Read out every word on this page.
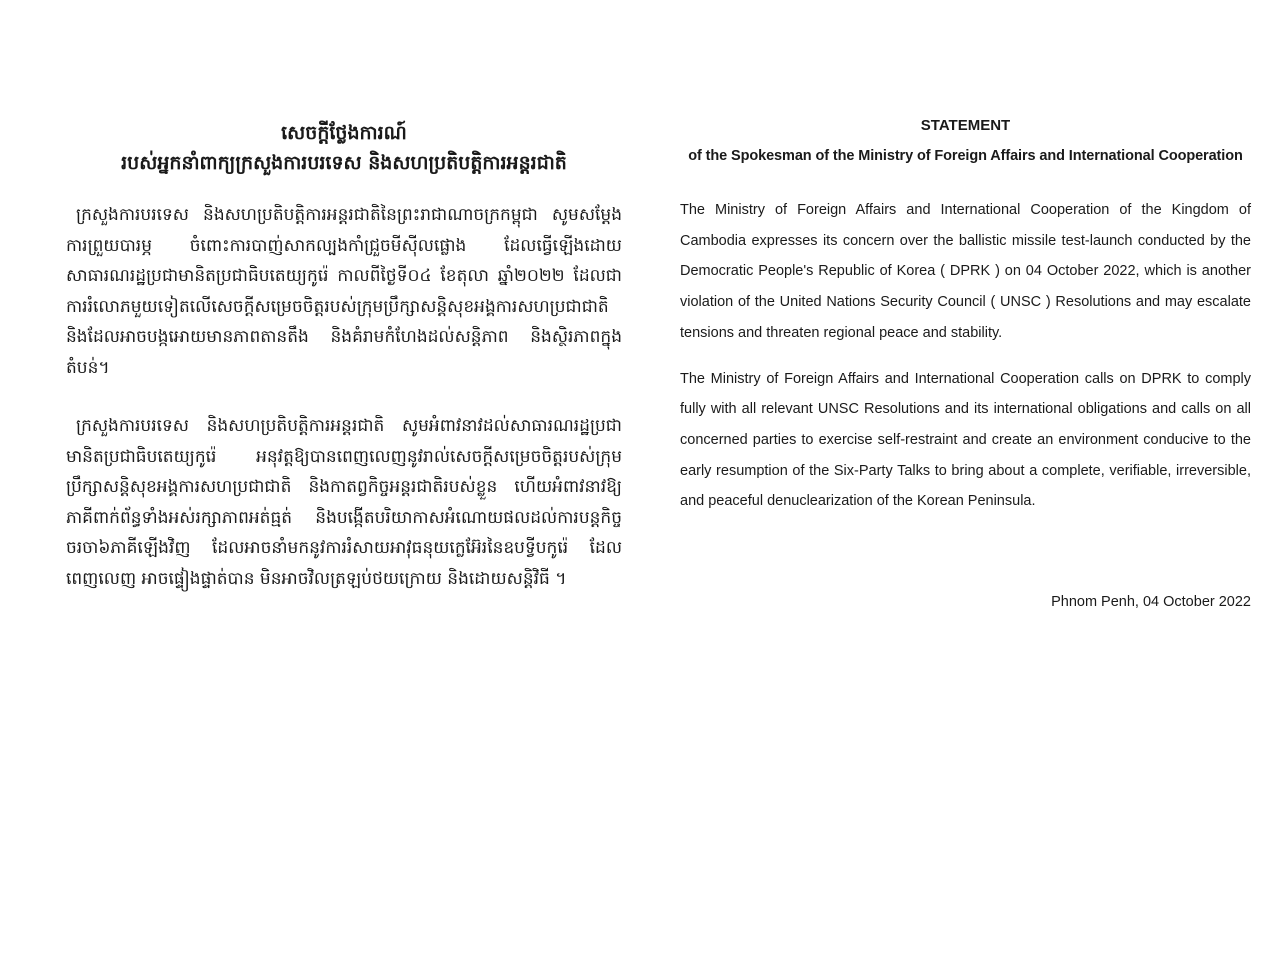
សេចក្តីថ្លែងការណ៍
របស់អ្នកនាំពាក្យក្រសួងការបរទេស និងសហប្រតិបត្តិការអន្តរជាតិ

ក្រសួងការបរទេស និងសហប្រតិបត្តិការអន្តរជាតិនៃព្រះរាជាណាចក្រកម្ពុជា សូមសម្តែងការព្រួយបារម្ភ ចំពោះការបាញ់សាកល្បងកាំជ្រួចមីស៊ីលផ្លោង ដែលធ្វើឡើងដោយសាធារណរដ្ឋប្រជាមានិតប្រជាធិបតេយ្យកូរ៉េ កាលពីថ្ងៃទី០៤ ខែតុលា ឆ្នាំ២០២២ ដែលជាការរំលោភមួយទៀតលើសេចក្តីសម្រេចចិត្តរបស់ក្រុមប្រឹក្សាសន្តិសុខអង្គការសហប្រជាជាតិ និងដែលអាចបង្កអោយមានភាពតានតឹង និងគំរាមកំហែងដល់សន្តិភាព និងស្ថិរភាពក្នុងតំបន់។

ក្រសួងការបរទេស និងសហប្រតិបត្តិការអន្តរជាតិ សូមអំពាវនាវដល់សាធារណរដ្ឋប្រជាមានិតប្រជាធិបតេយ្យកូរ៉េ អនុវត្តឱ្យបានពេញលេញនូវរាល់សេចក្តីសម្រេចចិត្តរបស់ក្រុមប្រឹក្សាសន្តិសុខអង្គការសហប្រជាជាតិ និងកាតព្វកិច្ចអន្តរជាតិរបស់ខ្លួន ហើយអំពាវនាវឱ្យភាគីពាក់ព័ន្ធទាំងអស់រក្សាភាពអត់ធ្មត់ និងបង្កើតបរិយាកាសអំណោយផលដល់ការបន្តកិច្ចចរចា៦ភាគីឡើងវិញ ដែលអាចនាំមកនូវការរំសាយអាវុធនុយក្លេអ៊ែរនៃឧបទ្វីបកូរ៉េ ដែលពេញលេញ អាចផ្ទៀងផ្ទាត់បាន មិនអាចវិលត្រឡប់ថយក្រោយ និងដោយសន្តិវិធី ។

STATEMENT
of the Spokesman of the Ministry of Foreign Affairs and International Cooperation

The Ministry of Foreign Affairs and International Cooperation of the Kingdom of Cambodia expresses its concern over the ballistic missile test-launch conducted by the Democratic People's Republic of Korea ( DPRK ) on 04 October 2022, which is another violation of the United Nations Security Council ( UNSC ) Resolutions and may escalate tensions and threaten regional peace and stability.

The Ministry of Foreign Affairs and International Cooperation calls on DPRK to comply fully with all relevant UNSC Resolutions and its international obligations and calls on all concerned parties to exercise self-restraint and create an environment conducive to the early resumption of the Six-Party Talks to bring about a complete, verifiable, irreversible, and peaceful denuclearization of the Korean Peninsula.

Phnom Penh, 04 October 2022
